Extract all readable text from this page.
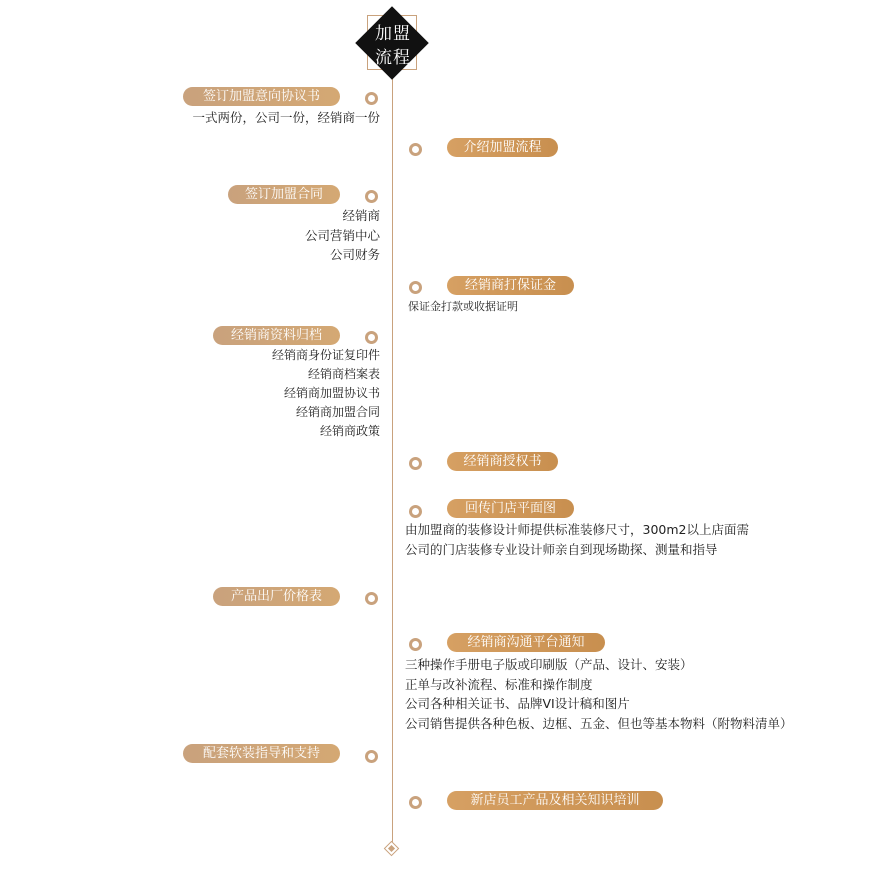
加盟
流程
签订加盟意向协议书
一式两份，公司一份，经销商一份
介绍加盟流程
签订加盟合同
经销商
公司营销中心
公司财务
经销商打保证金
保证金打款或收据证明
经销商资料归档
经销商身份证复印件
经销商档案表
经销商加盟协议书
经销商加盟合同
经销商政策
经销商授权书
回传门店平面图
由加盟商的装修设计师提供标准装修尺寸，300m2以上店面需
公司的门店装修专业设计师亲自到现场勘探、测量和指导
产品出厂价格表
经销商沟通平台通知
三种操作手册电子版或印刷版（产品、设计、安装）
正单与改补流程、标准和操作制度
公司各种相关证书、品牌VI设计稿和图片
公司销售提供各种色板、边框、五金、但也等基本物料（附物料清单）
配套软装指导和支持
新店员工产品及相关知识培训
